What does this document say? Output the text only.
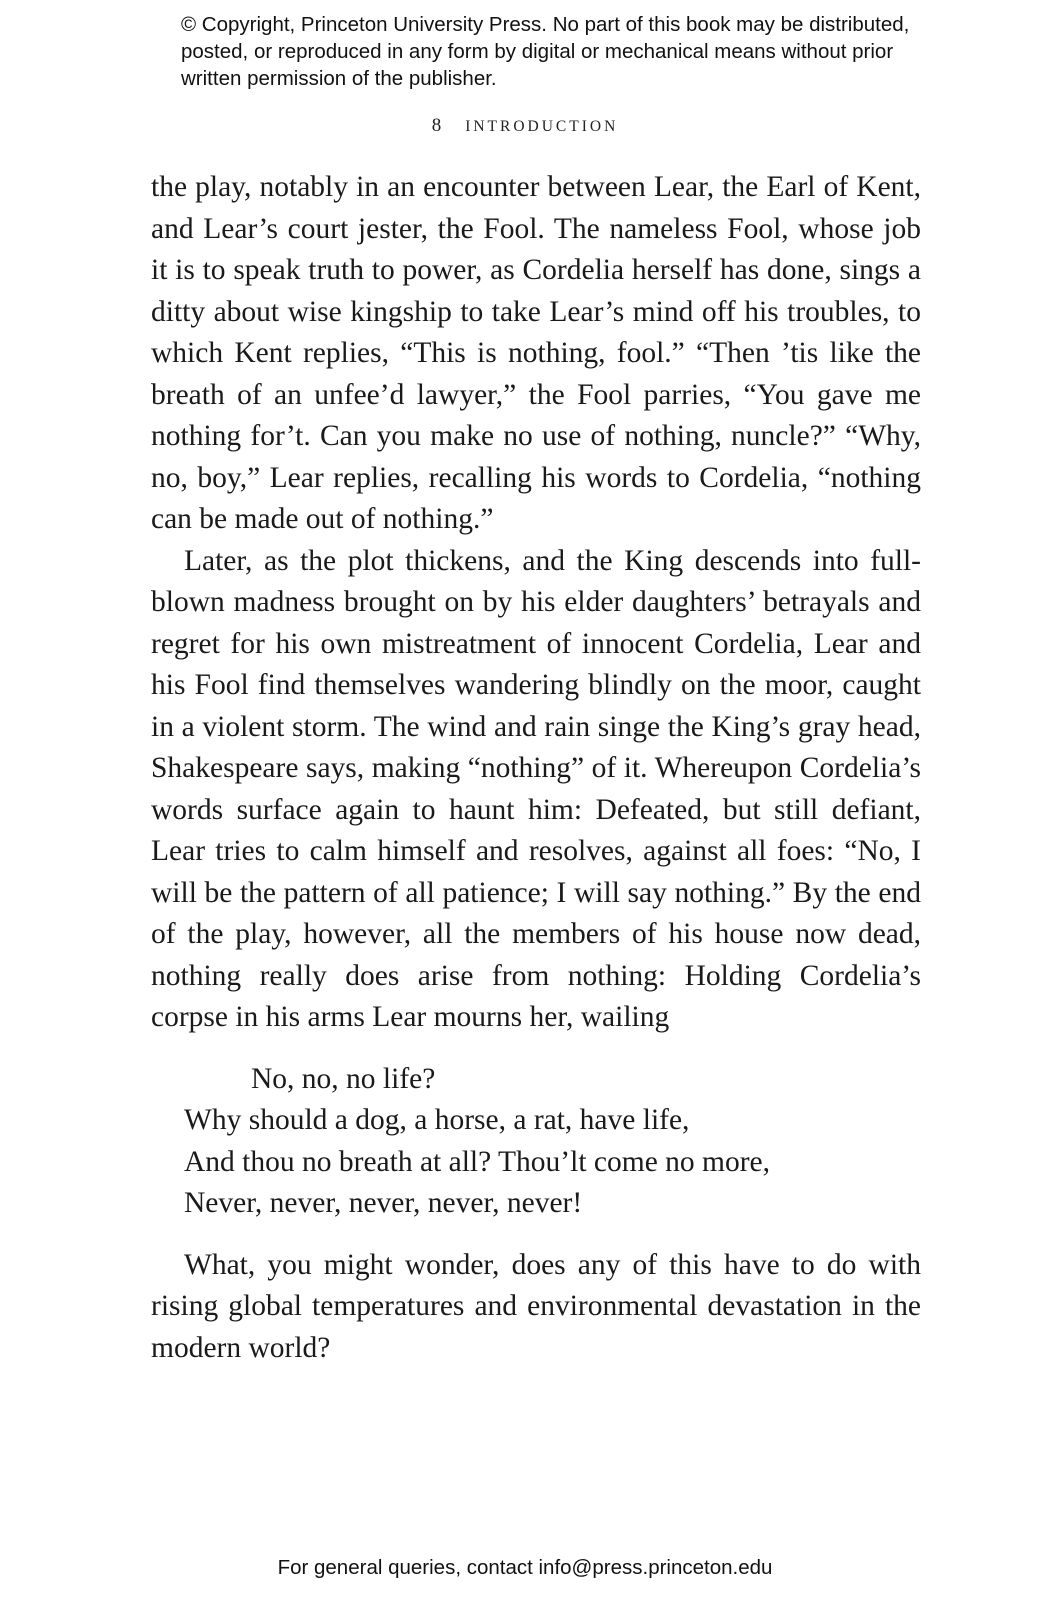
© Copyright, Princeton University Press. No part of this book may be distributed, posted, or reproduced in any form by digital or mechanical means without prior written permission of the publisher.
8 INTRODUCTION

the play, notably in an encounter between Lear, the Earl of Kent, and Lear’s court jester, the Fool. The nameless Fool, whose job it is to speak truth to power, as Cordelia herself has done, sings a ditty about wise kingship to take Lear’s mind off his troubles, to which Kent replies, “This is nothing, fool.” “Then ’tis like the breath of an unfee’d lawyer,” the Fool parries, “You gave me nothing for’t. Can you make no use of nothing, nuncle?” “Why, no, boy,” Lear replies, recalling his words to Cordelia, “nothing can be made out of nothing.”

Later, as the plot thickens, and the King descends into full-blown madness brought on by his elder daughters’ betrayals and regret for his own mistreatment of innocent Cordelia, Lear and his Fool find themselves wandering blindly on the moor, caught in a violent storm. The wind and rain singe the King’s gray head, Shakespeare says, making “nothing” of it. Whereupon Cordelia’s words surface again to haunt him: Defeated, but still defiant, Lear tries to calm himself and resolves, against all foes: “No, I will be the pattern of all patience; I will say nothing.” By the end of the play, however, all the members of his house now dead, nothing really does arise from nothing: Holding Cordelia’s corpse in his arms Lear mourns her, wailing

No, no, no life?
Why should a dog, a horse, a rat, have life,
And thou no breath at all? Thou’lt come no more,
Never, never, never, never, never!

What, you might wonder, does any of this have to do with rising global temperatures and environmental devastation in the modern world?

For general queries, contact info@press.princeton.edu
